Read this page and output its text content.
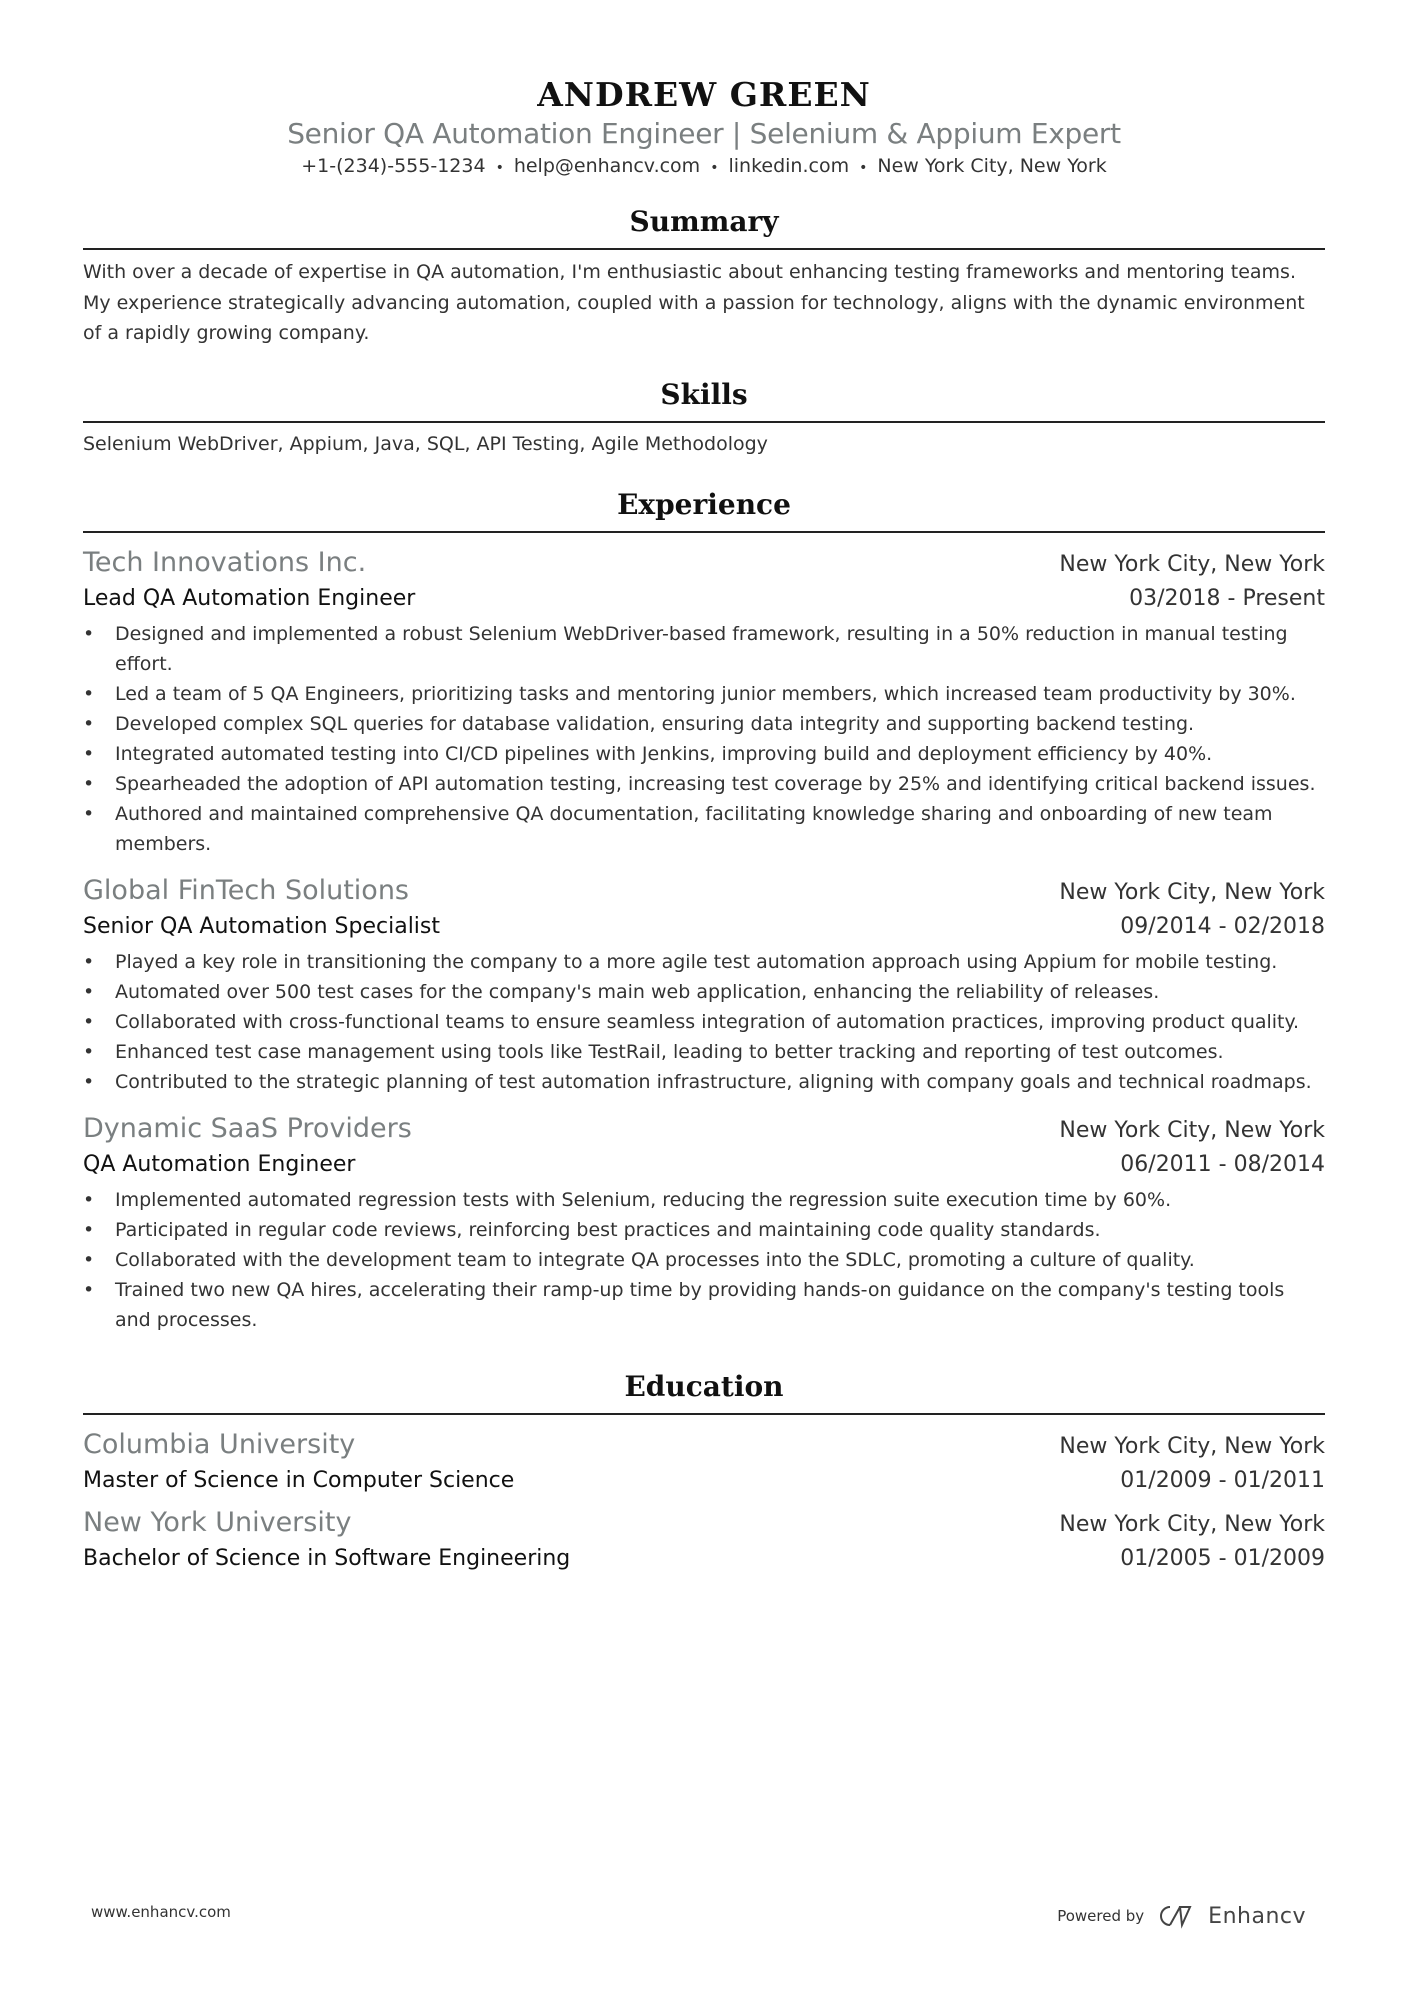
ANDREW GREEN
Senior QA Automation Engineer | Selenium & Appium Expert
+1-(234)-555-1234 • help@enhancv.com • linkedin.com • New York City, New York
Summary
With over a decade of expertise in QA automation, I'm enthusiastic about enhancing testing frameworks and mentoring teams. My experience strategically advancing automation, coupled with a passion for technology, aligns with the dynamic environment of a rapidly growing company.
Skills
Selenium WebDriver, Appium, Java, SQL, API Testing, Agile Methodology
Experience
Tech Innovations Inc.	New York City, New York
Lead QA Automation Engineer	03/2018 - Present
• Designed and implemented a robust Selenium WebDriver-based framework, resulting in a 50% reduction in manual testing effort.
• Led a team of 5 QA Engineers, prioritizing tasks and mentoring junior members, which increased team productivity by 30%.
• Developed complex SQL queries for database validation, ensuring data integrity and supporting backend testing.
• Integrated automated testing into CI/CD pipelines with Jenkins, improving build and deployment efficiency by 40%.
• Spearheaded the adoption of API automation testing, increasing test coverage by 25% and identifying critical backend issues.
• Authored and maintained comprehensive QA documentation, facilitating knowledge sharing and onboarding of new team members.
Global FinTech Solutions	New York City, New York
Senior QA Automation Specialist	09/2014 - 02/2018
• Played a key role in transitioning the company to a more agile test automation approach using Appium for mobile testing.
• Automated over 500 test cases for the company's main web application, enhancing the reliability of releases.
• Collaborated with cross-functional teams to ensure seamless integration of automation practices, improving product quality.
• Enhanced test case management using tools like TestRail, leading to better tracking and reporting of test outcomes.
• Contributed to the strategic planning of test automation infrastructure, aligning with company goals and technical roadmaps.
Dynamic SaaS Providers	New York City, New York
QA Automation Engineer	06/2011 - 08/2014
• Implemented automated regression tests with Selenium, reducing the regression suite execution time by 60%.
• Participated in regular code reviews, reinforcing best practices and maintaining code quality standards.
• Collaborated with the development team to integrate QA processes into the SDLC, promoting a culture of quality.
• Trained two new QA hires, accelerating their ramp-up time by providing hands-on guidance on the company's testing tools and processes.
Education
Columbia University	New York City, New York
Master of Science in Computer Science	01/2009 - 01/2011
New York University	New York City, New York
Bachelor of Science in Software Engineering	01/2005 - 01/2009
www.enhancv.com	Powered by	Enhancv
